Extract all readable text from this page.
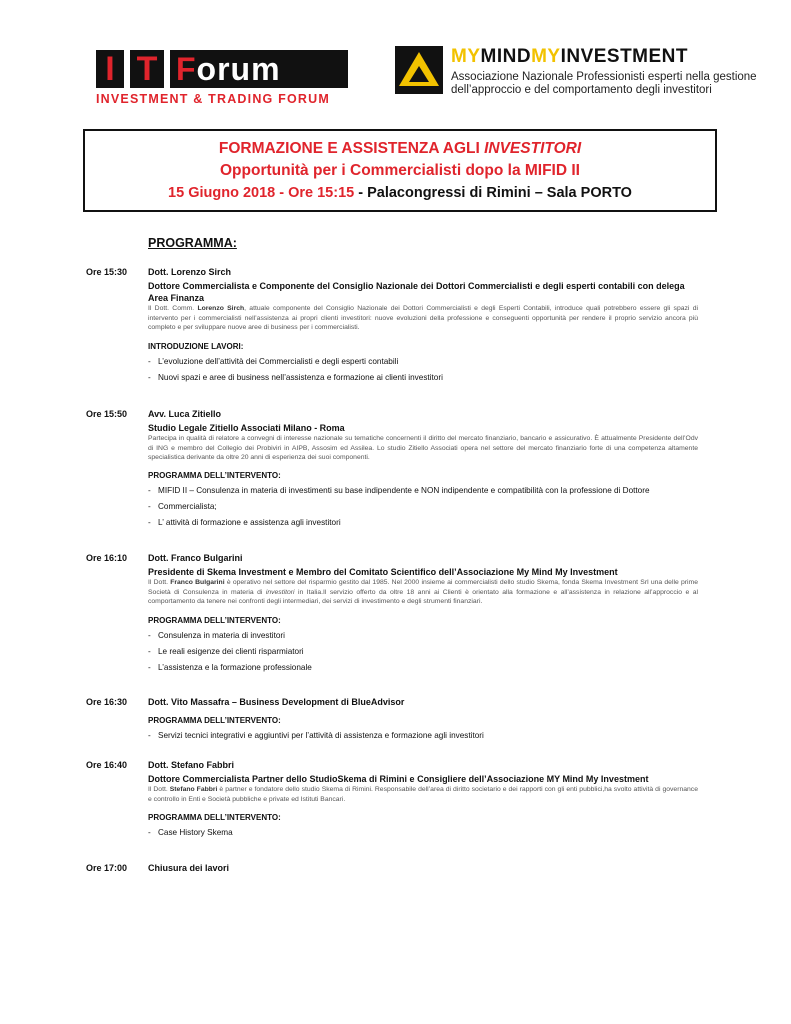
I T Forum
INVESTMENT & TRADING FORUM
MYMINDMYINVESTMENT
Associazione Nazionale Professionisti esperti nella gestione
dell’approccio e del comportamento degli investitori
FORMAZIONE E ASSISTENZA AGLI INVESTITORI
Opportunità per i Commercialisti dopo la MIFID II
15 Giugno 2018 - Ore 15:15 - Palacongressi di Rimini – Sala PORTO
PROGRAMMA:
Ore 15:30 Dott. Lorenzo Sirch
Dottore Commercialista e Componente del Consiglio Nazionale dei Dottori Commercialisti e degli esperti contabili con delega Area Finanza
Il Dott. Comm. Lorenzo Sirch, attuale componente del Consiglio Nazionale dei Dottori Commercialisti e degli Esperti Contabili, introduce quali potrebbero essere gli spazi di intervento per i commercialisti nell’assistenza ai propri clienti investitori: nuove evoluzioni della professione e conseguenti opportunità per rendere il proprio servizio ancora più completo e per sviluppare nuove aree di business per i commercialisti.
INTRODUZIONE LAVORI:
- L’evoluzione dell’attività dei Commercialisti e degli esperti contabili
- Nuovi spazi e aree di business nell’assistenza e formazione ai clienti investitori
Ore 15:50 Avv. Luca Zitiello
Studio Legale Zitiello Associati Milano - Roma
Partecipa in qualità di relatore a convegni di interesse nazionale su tematiche concernenti il diritto del mercato finanziario, bancario e assicurativo. È attualmente Presidente dell’Odv di ING e membro del Collegio dei Probiviri in AIPB, Assosim ed Assilea. Lo studio Zitiello Associati opera nel settore del mercato finanziario forte di una competenza altamente specialistica derivante da oltre 20 anni di esperienza dei suoi componenti.
PROGRAMMA DELL’INTERVENTO:
- MIFID II – Consulenza in materia di investimenti su base indipendente e NON indipendente e compatibilità con la professione di Dottore
- Commercialista;
- L’ attività di formazione e assistenza agli investitori
Ore 16:10 Dott. Franco Bulgarini
Presidente di Skema Investment e Membro del Comitato Scientifico dell’Associazione My Mind My Investment
Il Dott. Franco Bulgarini è operativo nel settore del risparmio gestito dal 1985. Nel 2000 insieme ai commercialisti dello studio Skema, fonda Skema Investment Srl una delle prime Società di Consulenza in materia di investitori in Italia.Il servizio offerto da oltre 18 anni ai Clienti è orientato alla formazione e all’assistenza in relazione all’approccio e al comportamento da tenere nei confronti degli intermediari, dei servizi di investimento e degli strumenti finanziari.
PROGRAMMA DELL’INTERVENTO:
- Consulenza in materia di investitori
- Le reali esigenze dei clienti risparmiatori
- L’assistenza e la formazione professionale
Ore 16:30 Dott. Vito Massafra – Business Development di BlueAdvisor
PROGRAMMA DELL’INTERVENTO:
- Servizi tecnici integrativi e aggiuntivi per l’attività di assistenza e formazione agli investitori
Ore 16:40 Dott. Stefano Fabbri
Dottore Commercialista Partner dello StudioSkema di Rimini e Consigliere dell’Associazione MY Mind My Investment
Il Dott. Stefano Fabbri è partner e fondatore dello studio Skema di Rimini. Responsabile dell’area di diritto societario e dei rapporti con gli enti pubblici,ha svolto attività di governance e controllo in Enti e Società pubbliche e private ed Istituti Bancari.
PROGRAMMA DELL’INTERVENTO:
- Case History Skema
Ore 17:00 Chiusura dei lavori
